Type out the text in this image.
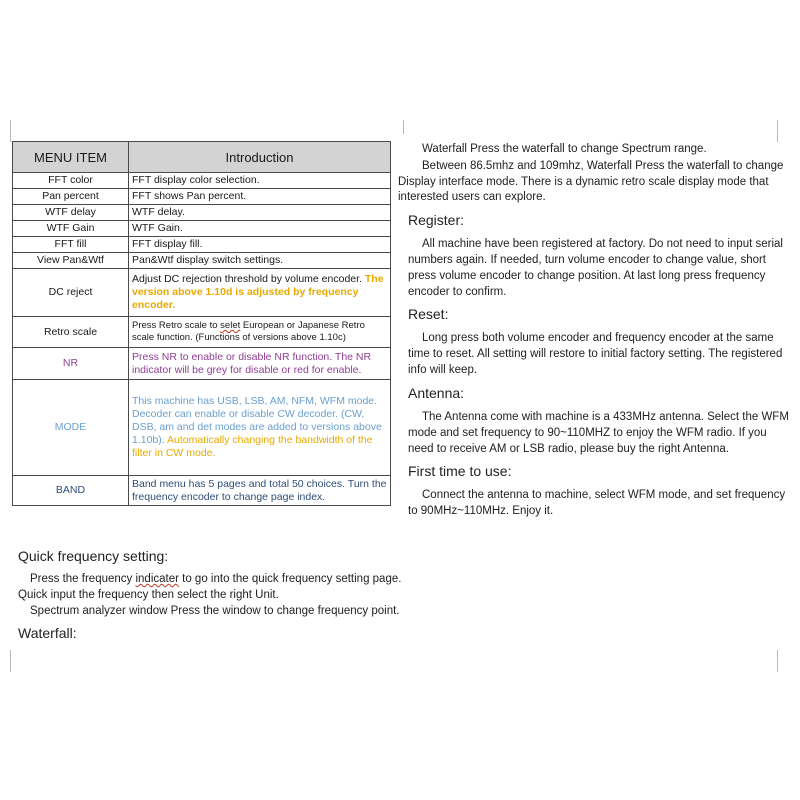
MENU ITEM	Introduction
FFT color	FFT display color selection.
Pan percent	FFT shows Pan percent.
WTF delay	WTF delay.
WTF Gain	WTF Gain.
FFT fill	FFT display fill.
View Pan&Wtf	Pan&Wtf display switch settings.
DC reject	Adjust DC rejection threshold by volume encoder. The version above 1.10d is adjusted by frequency encoder.
Retro scale	Press Retro scale to selet European or Japanese Retro scale function. (Functions of versions above 1.10c)
NR	Press NR to enable or disable NR function. The NR indicator will be grey for disable or red for enable.
MODE	This machine has USB, LSB, AM, NFM, WFM mode. Decoder can enable or disable CW decoder. (CW, DSB, am and det modes are added to versions above 1.10b). Automatically changing the bandwidth of the filter in CW mode.
BAND	Band menu has 5 pages and total 50 choices. Turn the frequency encoder to change page index.
Quick frequency setting:
Press the frequency indicater to go into the quick frequency setting page.
Quick input the frequency then select the right Unit.
Spectrum analyzer window Press the window to change frequency point.
Waterfall:
Waterfall Press the waterfall to change Spectrum range.
Between 86.5mhz and 109mhz, Waterfall Press the waterfall to change
Display interface mode. There is a dynamic retro scale display mode that
interested users can explore.
Register:
All machine have been registered at factory. Do not need to input serial
numbers again. If needed, turn volume encoder to change value, short
press volume encoder to change position. At last long press frequency
encoder to confirm.
Reset:
Long press both volume encoder and frequency encoder at the same
time to reset. All setting will restore to initial factory setting. The registered
info will keep.
Antenna:
The Antenna come with machine is a 433MHz antenna. Select the WFM
mode and set frequency to 90~110MHZ to enjoy the WFM radio. If you
need to receive AM or LSB radio, please buy the right Antenna.
First time to use:
Connect the antenna to machine, select WFM mode, and set frequency
to 90MHz~110MHz. Enjoy it.
